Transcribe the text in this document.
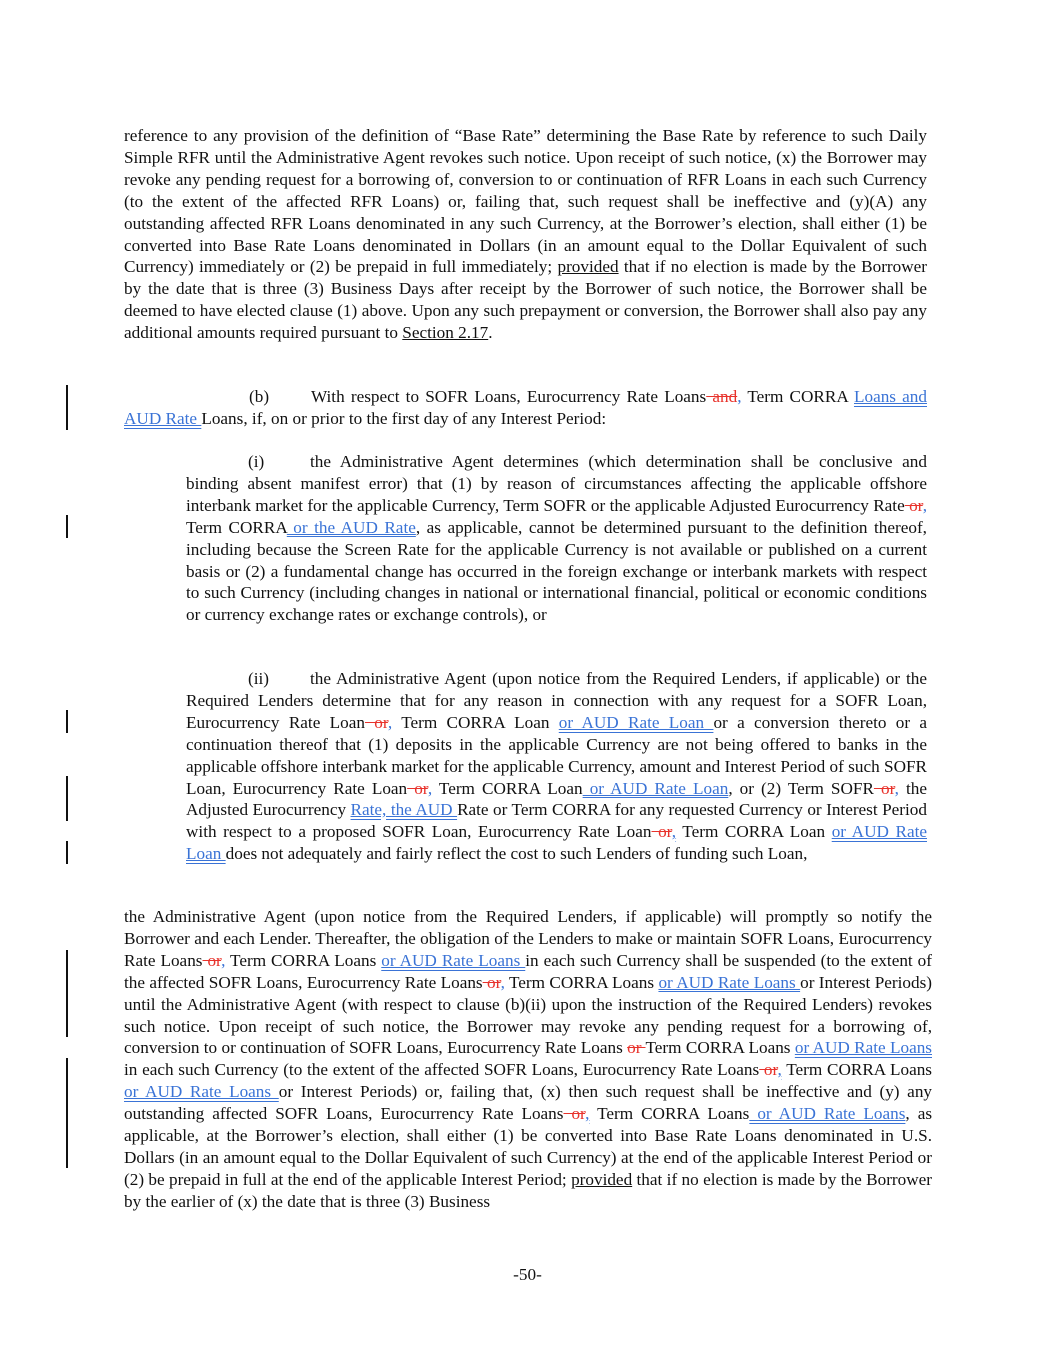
reference to any provision of the definition of “Base Rate” determining the Base Rate by reference to such Daily Simple RFR until the Administrative Agent revokes such notice. Upon receipt of such notice, (x) the Borrower may revoke any pending request for a borrowing of, conversion to or continuation of RFR Loans in each such Currency (to the extent of the affected RFR Loans) or, failing that, such request shall be ineffective and (y)(A) any outstanding affected RFR Loans denominated in any such Currency, at the Borrower’s election, shall either (1) be converted into Base Rate Loans denominated in Dollars (in an amount equal to the Dollar Equivalent of such Currency) immediately or (2) be prepaid in full immediately; provided that if no election is made by the Borrower by the date that is three (3) Business Days after receipt by the Borrower of such notice, the Borrower shall be deemed to have elected clause (1) above. Upon any such prepayment or conversion, the Borrower shall also pay any additional amounts required pursuant to Section 2.17.

(b) With respect to SOFR Loans, Eurocurrency Rate Loans and, Term CORRA Loans and AUD Rate Loans, if, on or prior to the first day of any Interest Period:

(i)	the Administrative Agent determines (which determination shall be conclusive and binding absent manifest error) that (1) by reason of circumstances affecting the applicable offshore interbank market for the applicable Currency, Term SOFR or the applicable Adjusted Eurocurrency Rate or, Term CORRA or the AUD Rate, as applicable, cannot be determined pursuant to the definition thereof, including because the Screen Rate for the applicable Currency is not available or published on a current basis or (2) a fundamental change has occurred in the foreign exchange or interbank markets with respect to such Currency (including changes in national or international financial, political or economic conditions or currency exchange rates or exchange controls), or

(ii) the Administrative Agent (upon notice from the Required Lenders, if applicable) or the Required Lenders determine that for any reason in connection with any request for a SOFR Loan, Eurocurrency Rate Loan or, Term CORRA Loan or AUD Rate Loan or a conversion thereto or a continuation thereof that (1) deposits in the applicable Currency are not being offered to banks in the applicable offshore interbank market for the applicable Currency, amount and Interest Period of such SOFR Loan, Eurocurrency Rate Loan or, Term CORRA Loan or AUD Rate Loan, or (2) Term SOFR or, the Adjusted Eurocurrency Rate, the AUD Rate or Term CORRA for any requested Currency or Interest Period with respect to a proposed SOFR Loan, Eurocurrency Rate Loan or, Term CORRA Loan or AUD Rate Loan does not adequately and fairly reflect the cost to such Lenders of funding such Loan,

the Administrative Agent (upon notice from the Required Lenders, if applicable) will promptly so notify the Borrower and each Lender. Thereafter, the obligation of the Lenders to make or maintain SOFR Loans, Eurocurrency Rate Loans or, Term CORRA Loans or AUD Rate Loans in each such Currency shall be suspended (to the extent of the affected SOFR Loans, Eurocurrency Rate Loans or, Term CORRA Loans or AUD Rate Loans or Interest Periods) until the Administrative Agent (with respect to clause (b)(ii) upon the instruction of the Required Lenders) revokes such notice. Upon receipt of such notice, the Borrower may revoke any pending request for a borrowing of, conversion to or continuation of SOFR Loans, Eurocurrency Rate Loans or Term CORRA Loans or AUD Rate Loans in each such Currency (to the extent of the affected SOFR Loans, Eurocurrency Rate Loans or, Term CORRA Loans or AUD Rate Loans or Interest Periods) or, failing that, (x) then such request shall be ineffective and (y) any outstanding affected SOFR Loans, Eurocurrency Rate Loans or, Term CORRA Loans or AUD Rate Loans, as applicable, at the Borrower’s election, shall either (1) be converted into Base Rate Loans denominated in U.S. Dollars (in an amount equal to the Dollar Equivalent of such Currency) at the end of the applicable Interest Period or (2) be prepaid in full at the end of the applicable Interest Period; provided that if no election is made by the Borrower by the earlier of (x) the date that is three (3) Business

-50-
